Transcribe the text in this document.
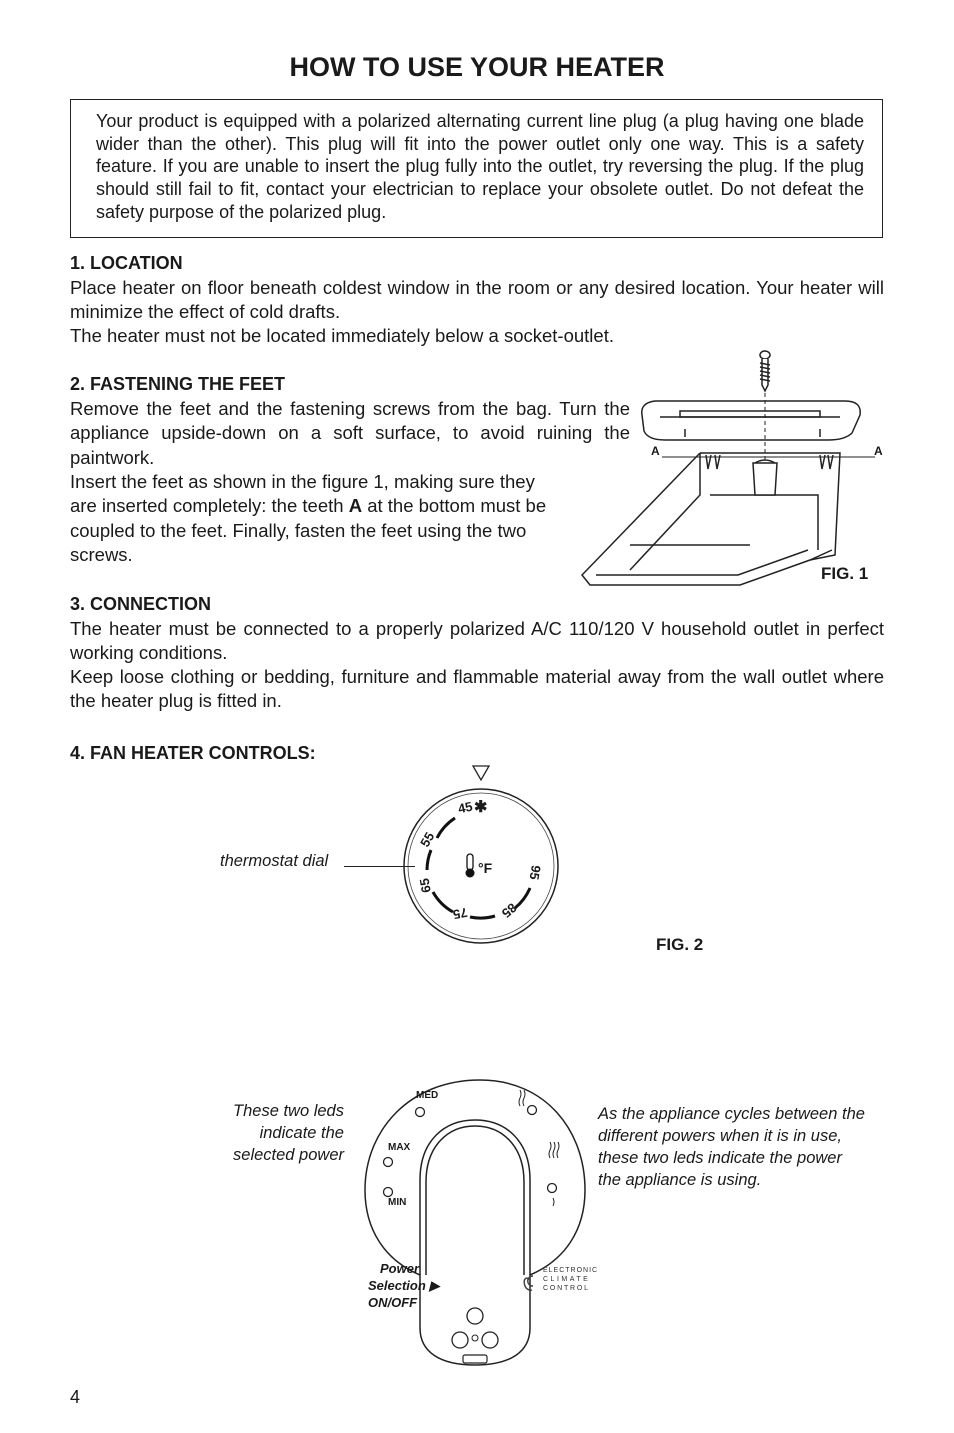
HOW TO USE YOUR HEATER
Your product is equipped with a polarized alternating current line plug (a plug having one blade wider than the other). This plug will fit into the power outlet only one way. This is a safety feature. If you are unable to insert the plug fully into the outlet, try reversing the plug. If the plug should still fail to fit, contact your electrician to replace your obsolete outlet. Do not defeat the safety purpose of the polarized plug.
1. LOCATION
Place heater on floor beneath coldest window in the room or any desired location. Your heater will minimize the effect of cold drafts.
The heater must not be located immediately below a socket-outlet.
2. FASTENING THE FEET
Remove the feet and the fastening screws from the bag. Turn the appliance upside-down on a soft surface, to avoid ruining the paintwork.
Insert the feet as shown in the figure 1, making sure they are inserted completely: the teeth A at the bottom must be coupled to the feet. Finally, fasten the feet using the two screws.
A	A
FIG. 1
3. CONNECTION
The heater must be connected to a properly polarized A/C 110/120 V household outlet in perfect working conditions.
Keep loose clothing or bedding, furniture and flammable material away from the wall outlet where the heater plug is fitted in.
4. FAN HEATER CONTROLS:
45 ✱
55
65
75 85
95
°F
thermostat dial
FIG. 2
MED
MAX
MIN
Power
Selection ▶
ON/OFF
ELECTRONIC
CLIMATE
CONTROL
These two leds indicate the selected power
As the appliance cycles between the different powers when it is in use, these two leds indicate the power the appliance is using.
4
